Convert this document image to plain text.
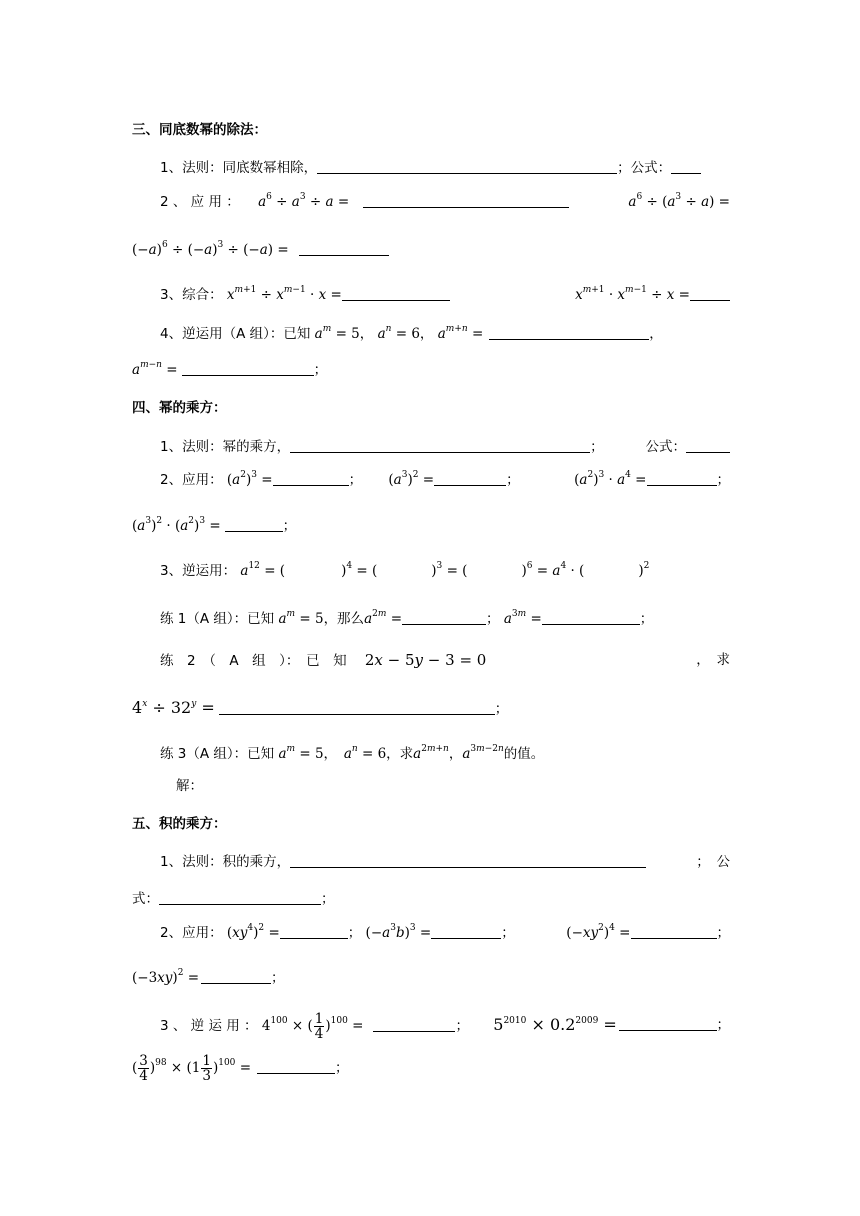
三、同底数幂的除法：
1、法则：同底数幂相除，	；公式：
2 、 应 用 ： $a^6 \div a^3 \div a$ =	$a^6 \div (a^3 \div a)$ =
$(-a)^6 \div (-a)^3 \div (-a)$ =
3、综合： $x^{m+1} \div x^{m-1} \cdot x$ =	$x^{m+1} \cdot x^{m-1} \div x$ =
4、逆运用（A 组）：已知 $a^m = 5$， $a^n = 6$， $a^{m+n}$ =	，
$a^{m-n}$ =	；
四、幂的乘方：
1、法则：幂的乘方，	；	公式：
2、应用： $(a^2)^3$ =	； $(a^3)^2$ =	；	$(a^2)^3 \cdot a^4$ =	；
$(a^3)^2 \cdot (a^2)^3$ =	；
3、逆运用： $a^{12}$ = (	)$^4$ = (	)$^3$ = (	)$^6 = a^4$ · (	)$^2$
练 1（A 组）：已知 $a^m = 5$，那么$a^{2m}$ =	； $a^{3m}$ =	；
练　2　（　A　组　）：　已　知 2x − 5y − 3 = 0	，　求
$4^x \div 32^y$ =	；
练 3（A 组）：已知 $a^m = 5$，　$a^n = 6$，求$a^{2m+n}$，$a^{3m-2n}$的值。
解：
五、积的乘方：
1、法则：积的乘方，	；　公
式：	；
2、应用： $(xy^4)^2$ =	； $(-a^3b)^3$ =	；	$(-xy^2)^4$ =	；
$(-3xy)^2$ =	；
3 、 逆 运 用 ： $4^{100}$ × ( $\frac{1}{4} )^{100}$ =	； $5^{2010} \times 0.2^{2009}$ =	；
( $\frac{3}{4} )^{98} \times (1 \frac{1}{3} )^{100}$ =	；
